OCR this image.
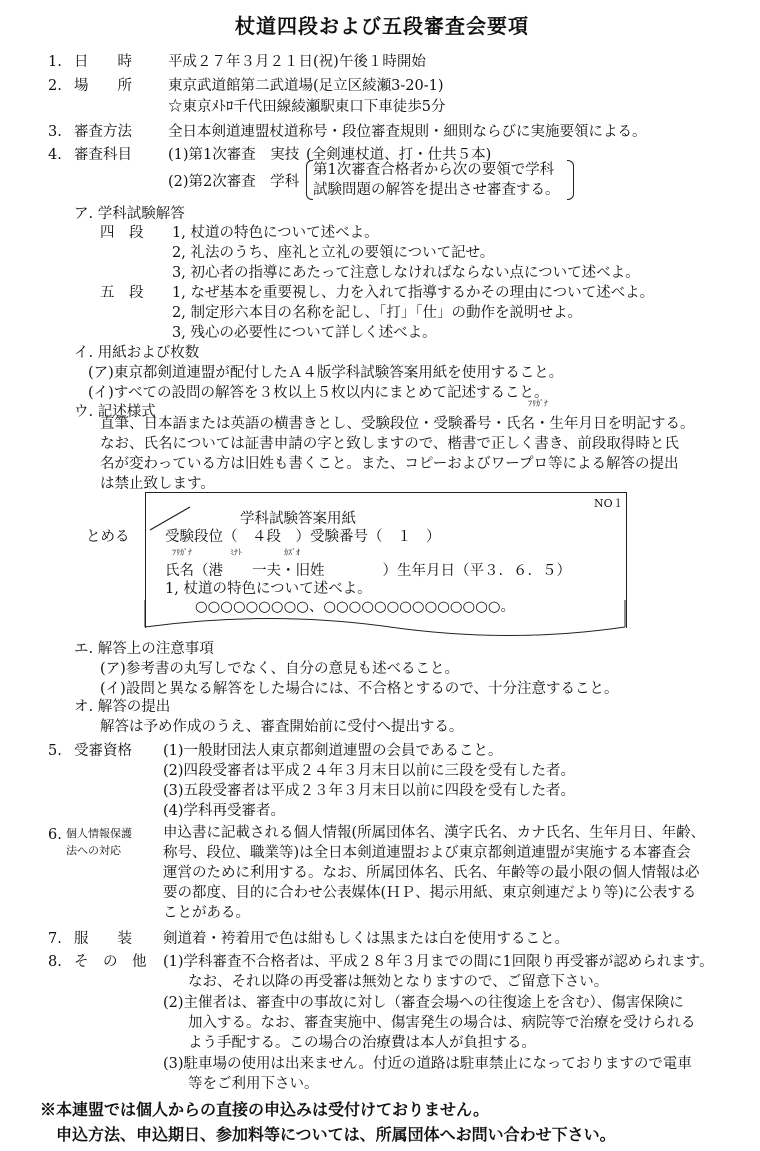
杖道四段および五段審査会要項
1. 日　　時 平成２７年３月２１日(祝)午後１時開始
2. 場　　所 東京武道館第二武道場(足立区綾瀬3-20-1)
☆東京ﾒﾄﾛ千代田線綾瀬駅東口下車徒歩5分
3. 審査方法 全日本剣道連盟杖道称号・段位審査規則・細則ならびに実施要領による。
4. 審査科目 (1)第1次審査　実技 (全剣連杖道、打・仕共５本)
(2)第2次審査　学科
第1次審査合格者から次の要領で学科
試験問題の解答を提出させ審査する。
ア. 学科試験解答
四　段 1, 杖道の特色について述べよ。
2, 礼法のうち、座礼と立礼の要領について記せ。
3, 初心者の指導にあたって注意しなければならない点について述べよ。
五　段 1, なぜ基本を重要視し、力を入れて指導するかその理由について述べよ。
2, 制定形六本目の名称を記し、「打」「仕」の動作を説明せよ。
3, 残心の必要性について詳しく述べよ。
イ. 用紙および枚数
(ア)東京都剣道連盟が配付したＡ４版学科試験答案用紙を使用すること。
(イ)すべての設問の解答を３枚以上５枚以内にまとめて記述すること。
ウ. 記述様式
ﾌﾘｶﾞﾅ
直筆、日本語または英語の横書きとし、受験段位・受験番号・氏名・生年月日を明記する。
なお、氏名については証書申請の字と致しますので、楷書で正しく書き、前段取得時と氏
名が変わっている方は旧姓も書くこと。また、コピーおよびワープロ等による解答の提出
は禁止致します。
とめる
NO１
学科試験答案用紙
受験段位（　４段　）受験番号（　１　）
ﾌﾘｶﾞﾅ	ﾐﾅﾄ	ｶｽﾞｵ
氏名（港　　一夫・旧姓　　　　）生年月日（平３．６．５）
1, 杖道の特色について述べよ。
○○○○○○○○○、○○○○○○○○○○○○○○。
エ. 解答上の注意事項
(ア)参考書の丸写しでなく、自分の意見も述べること。
(イ)設問と異なる解答をした場合には、不合格とするので、十分注意すること。
オ. 解答の提出
解答は予め作成のうえ、審査開始前に受付へ提出する。
5. 受審資格 (1)一般財団法人東京都剣道連盟の会員であること。
(2)四段受審者は平成２４年３月末日以前に三段を受有した者。
(3)五段受審者は平成２３年３月末日以前に四段を受有した者。
(4)学科再受審者。
6. 個人情報保護
法への対応
申込書に記載される個人情報(所属団体名、漢字氏名、カナ氏名、生年月日、年齢、
称号、段位、職業等)は全日本剣道連盟および東京都剣道連盟が実施する本審査会
運営のために利用する。なお、所属団体名、氏名、年齢等の最小限の個人情報は必
要の都度、目的に合わせ公表媒体(ＨＰ、掲示用紙、東京剣連だより等)に公表する
ことがある。
7. 服　　装 剣道着・袴着用で色は紺もしくは黒または白を使用すること。
8. そ　の　他 (1)学科審査不合格者は、平成２８年３月までの間に1回限り再受審が認められます。
なお、それ以降の再受審は無効となりますので、ご留意下さい。
(2)主催者は、審査中の事故に対し（審査会場への往復途上を含む）、傷害保険に
加入する。なお、審査実施中、傷害発生の場合は、病院等で治療を受けられる
よう手配する。この場合の治療費は本人が負担する。
(3)駐車場の使用は出来ません。付近の道路は駐車禁止になっておりますので電車
等をご利用下さい。
※本連盟では個人からの直接の申込みは受付けておりません。
申込方法、申込期日、参加料等については、所属団体へお問い合わせ下さい。
